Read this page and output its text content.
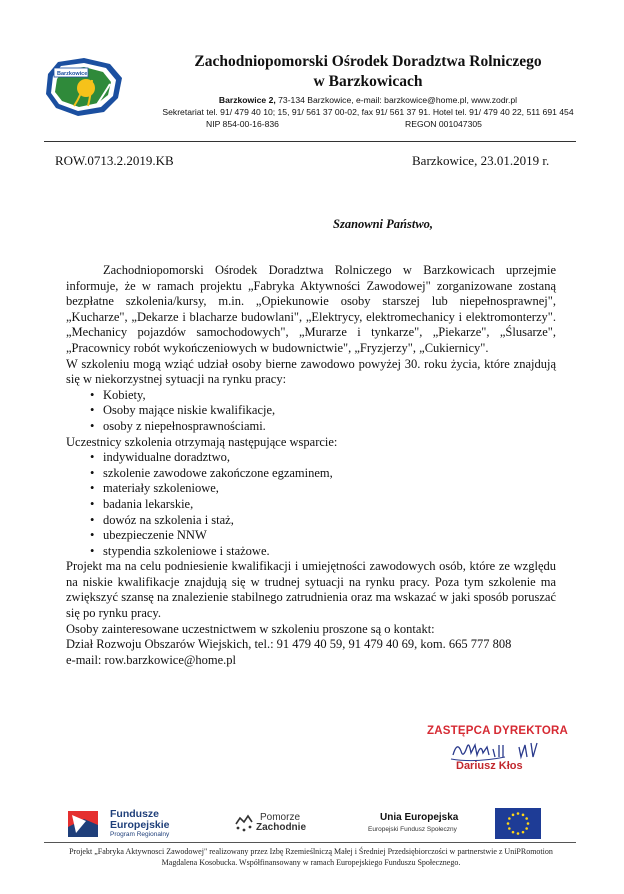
Barzkowice
Zachodniopomorski Ośrodek Doradztwa Rolniczego
w Barzkowicach
Barzkowice 2, 73-134 Barzkowice, e-mail: barzkowice@home.pl, www.zodr.pl
Sekretariat tel. 91/ 479 40 10; 15, 91/ 561 37 00-02, fax 91/ 561 37 91. Hotel tel. 91/ 479 40 22, 511 691 454
NIP 854-00-16-836	REGON 001047305
ROW.0713.2.2019.KB	Barzkowice, 23.01.2019 r.
Szanowni Państwo,

Zachodniopomorski Ośrodek Doradztwa Rolniczego w Barzkowicach uprzejmie informuje, że w ramach projektu „Fabryka Aktywności Zawodowej" zorganizowane zostaną bezpłatne szkolenia/kursy, m.in. „Opiekunowie osoby starszej lub niepełnosprawnej", „Kucharze", „Dekarze i blacharze budowlani", „Elektrycy, elektromechanicy i elektromonterzy". „Mechanicy pojazdów samochodowych", „Murarze i tynkarze", „Piekarze", „Ślusarze", „Pracownicy robót wykończeniowych w budownictwie", „Fryzjerzy", „Cukiernicy".

W szkoleniu mogą wziąć udział osoby bierne zawodowo powyżej 30. roku życia, które znajdują się w niekorzystnej sytuacji na rynku pracy:

• Kobiety,
• Osoby mające niskie kwalifikacje,
• osoby z niepełnosprawnościami.

Uczestnicy szkolenia otrzymają następujące wsparcie:

• indywidualne doradztwo,
• szkolenie zawodowe zakończone egzaminem,
• materiały szkoleniowe,
• badania lekarskie,
• dowóz na szkolenia i staż,
• ubezpieczenie NNW
• stypendia szkoleniowe i stażowe.

Projekt ma na celu podniesienie kwalifikacji i umiejętności zawodowych osób, które ze względu na niskie kwalifikacje znajdują się w trudnej sytuacji na rynku pracy. Poza tym szkolenie ma zwiększyć szansę na znalezienie stabilnego zatrudnienia oraz ma wskazać w jaki sposób poruszać się po rynku pracy.

Osoby zainteresowane uczestnictwem w szkoleniu proszone są o kontakt:

Dział Rozwoju Obszarów Wiejskich, tel.: 91 479 40 59, 91 479 40 69, kom. 665 777 808

e-mail: row.barzkowice@home.pl

ZASTĘPCA DYREKTORA
Dariusz Kłos
Fundusze
Europejskie
Program Regionalny
Pomorze
Zachodnie
Unia Europejska
Europejski Fundusz Społeczny
Projekt „Fabryka Aktywnosci Zawodowej" realizowany przez Izbę Rzemieślniczą Małej i Średniej Przedsiębiorczości w partnerstwie z UniPRomotion Magdalena Kosobucka. Współfinansowany w ramach Europejskiego Funduszu Społecznego.
